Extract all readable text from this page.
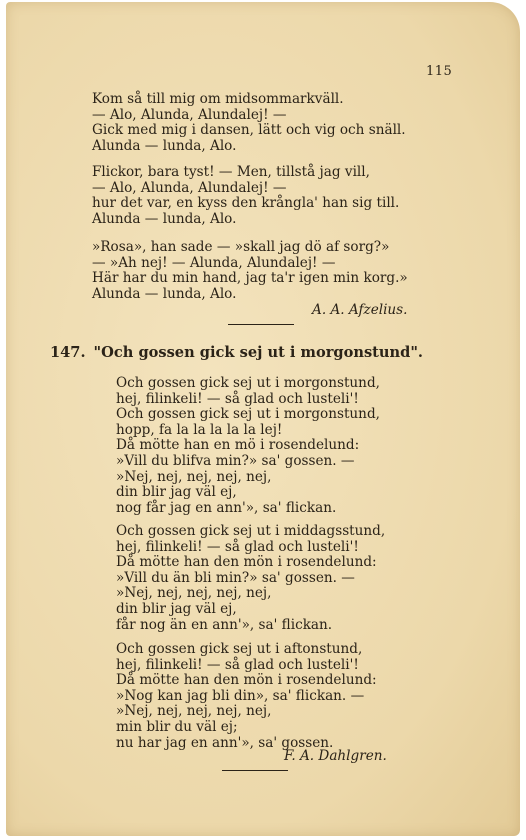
115
Kom så till mig om midsommarkväll.
— Alo, Alunda, Alundalej! —
Gick med mig i dansen, lätt och vig och snäll.
Alunda — lunda, Alo.
Flickor, bara tyst! — Men, tillstå jag vill,
— Alo, Alunda, Alundalej! —
hur det var, en kyss den krångla' han sig till.
Alunda — lunda, Alo.
»Rosa», han sade — »skall jag dö af sorg?»
— »Ah nej! — Alunda, Alundalej! —
Här har du min hand, jag ta'r igen min korg.»
Alunda — lunda, Alo.
A. A. Afzelius.
147. "Och gossen gick sej ut i morgonstund".
Och gossen gick sej ut i morgonstund,
hej, filinkeli! — så glad och lusteli'!
Och gossen gick sej ut i morgonstund,
hopp, fa la la la la la lej!
Då mötte han en mö i rosendelund:
»Vill du blifva min?» sa' gossen. —
»Nej, nej, nej, nej, nej,
din blir jag väl ej,
nog får jag en ann'», sa' flickan.
Och gossen gick sej ut i middagsstund,
hej, filinkeli! — så glad och lusteli'!
Då mötte han den mön i rosendelund:
»Vill du än bli min?» sa' gossen. —
»Nej, nej, nej, nej, nej,
din blir jag väl ej,
får nog än en ann'», sa' flickan.
Och gossen gick sej ut i aftonstund,
hej, filinkeli! — så glad och lusteli'!
Då mötte han den mön i rosendelund:
»Nog kan jag bli din», sa' flickan. —
»Nej, nej, nej, nej, nej,
min blir du väl ej;
nu har jag en ann'», sa' gossen.
F. A. Dahlgren.
